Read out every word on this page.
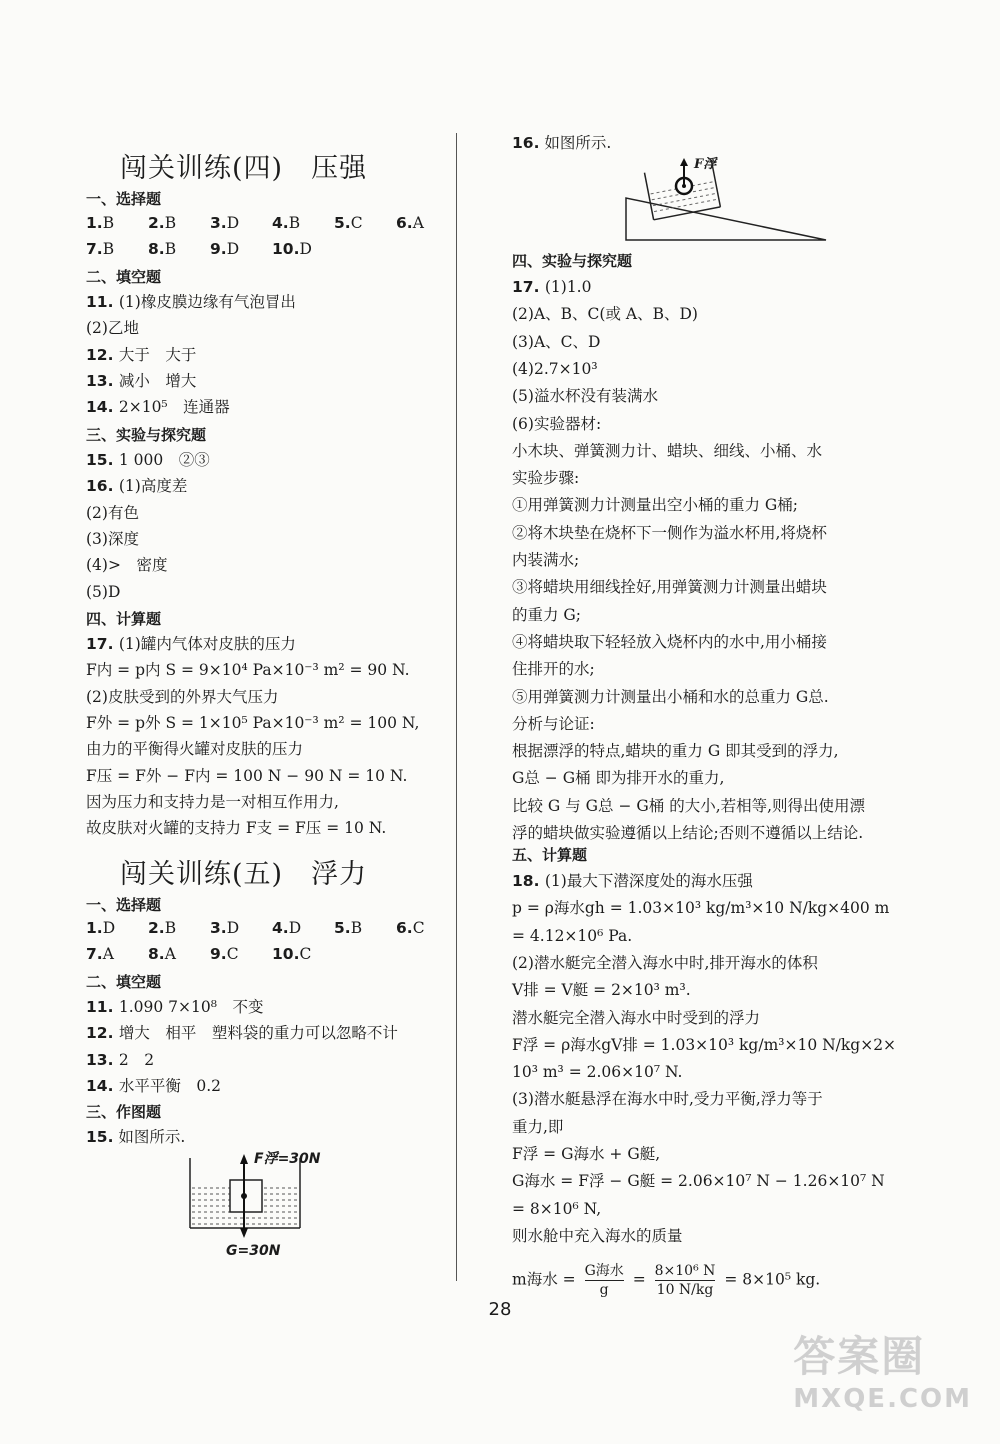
闯关训练(四)　压强
一、选择题
1.B 2.B 3.D 4.B 5.C 6.A
7.B 8.B 9.D 10.D
二、填空题
11. (1)橡皮膜边缘有气泡冒出
(2)乙地
12. 大于　大于
13. 减小　增大
14. 2×10⁵　连通器
三、实验与探究题
15. 1 000　②③
16. (1)高度差
(2)有色
(3)深度
(4)>　密度
(5)D
四、计算题
17. (1)罐内气体对皮肤的压力
F内 = p内 S = 9×10⁴ Pa×10⁻³ m² = 90 N.
(2)皮肤受到的外界大气压力
F外 = p外 S = 1×10⁵ Pa×10⁻³ m² = 100 N,
由力的平衡得火罐对皮肤的压力
F压 = F外 − F内 = 100 N − 90 N = 10 N.
因为压力和支持力是一对相互作用力,
故皮肤对火罐的支持力 F支 = F压 = 10 N.
闯关训练(五)　浮力
一、选择题
1.D 2.B 3.D 4.D 5.B 6.C
7.A 8.A 9.C 10.C
二、填空题
11. 1.090 7×10⁸　不变
12. 增大　相平　塑料袋的重力可以忽略不计
13. 2　2
14. 水平平衡　0.2
三、作图题
15. 如图所示.
F浮=30N
G=30N
16. 如图所示.
F浮
四、实验与探究题
17. (1)1.0
(2)A、B、C(或 A、B、D)
(3)A、C、D
(4)2.7×10³
(5)溢水杯没有装满水
(6)实验器材:
小木块、弹簧测力计、蜡块、细线、小桶、水
实验步骤:
①用弹簧测力计测量出空小桶的重力 G桶;
②将木块垫在烧杯下一侧作为溢水杯用,将烧杯
内装满水;
③将蜡块用细线拴好,用弹簧测力计测量出蜡块
的重力 G;
④将蜡块取下轻轻放入烧杯内的水中,用小桶接
住排开的水;
⑤用弹簧测力计测量出小桶和水的总重力 G总.
分析与论证:
根据漂浮的特点,蜡块的重力 G 即其受到的浮力,
G总 − G桶 即为排开水的重力,
比较 G 与 G总 − G桶 的大小,若相等,则得出使用漂
浮的蜡块做实验遵循以上结论;否则不遵循以上结论.
五、计算题
18. (1)最大下潜深度处的海水压强
p = ρ海水gh = 1.03×10³ kg/m³×10 N/kg×400 m
= 4.12×10⁶ Pa.
(2)潜水艇完全潜入海水中时,排开海水的体积
V排 = V艇 = 2×10³ m³.
潜水艇完全潜入海水中时受到的浮力
F浮 = ρ海水gV排 = 1.03×10³ kg/m³×10 N/kg×2×
10³ m³ = 2.06×10⁷ N.
(3)潜水艇悬浮在海水中时,受力平衡,浮力等于
重力,即
F浮 = G海水 + G艇,
G海水 = F浮 − G艇 = 2.06×10⁷ N − 1.26×10⁷ N
= 8×10⁶ N,
则水舱中充入海水的质量
m海水 = G海水
g
= $\frac{\text{8×10⁶ N}}{10 N/kg} = 8\times 10^5$ kg.
28
答案圈
MXQE.COM
